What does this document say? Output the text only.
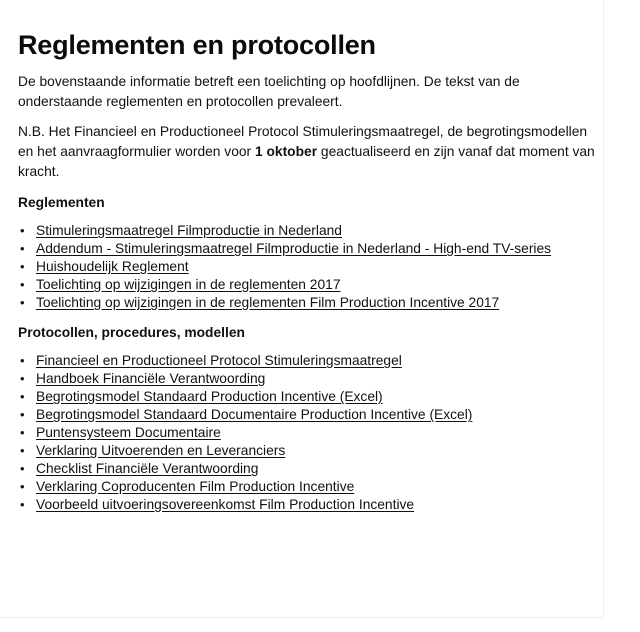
Reglementen en protocollen

De bovenstaande informatie betreft een toelichting op hoofdlijnen. De tekst van de onderstaande reglementen en protocollen prevaleert.

N.B. Het Financieel en Productioneel Protocol Stimuleringsmaatregel, de begrotingsmodellen en het aanvraagformulier worden voor 1 oktober geactualiseerd en zijn vanaf dat moment van kracht.

Reglementen
• Stimuleringsmaatregel Filmproductie in Nederland
• Addendum - Stimuleringsmaatregel Filmproductie in Nederland - High-end TV-series
• Huishoudelijk Reglement
• Toelichting op wijzigingen in de reglementen 2017
• Toelichting op wijzigingen in de reglementen Film Production Incentive 2017
Protocollen, procedures, modellen
• Financieel en Productioneel Protocol Stimuleringsmaatregel
• Handboek Financiële Verantwoording
• Begrotingsmodel Standaard Production Incentive (Excel)
• Begrotingsmodel Standaard Documentaire Production Incentive (Excel)
• Puntensysteem Documentaire
• Verklaring Uitvoerenden en Leveranciers
• Checklist Financiële Verantwoording
• Verklaring Coproducenten Film Production Incentive
• Voorbeeld uitvoeringsovereenkomst Film Production Incentive
